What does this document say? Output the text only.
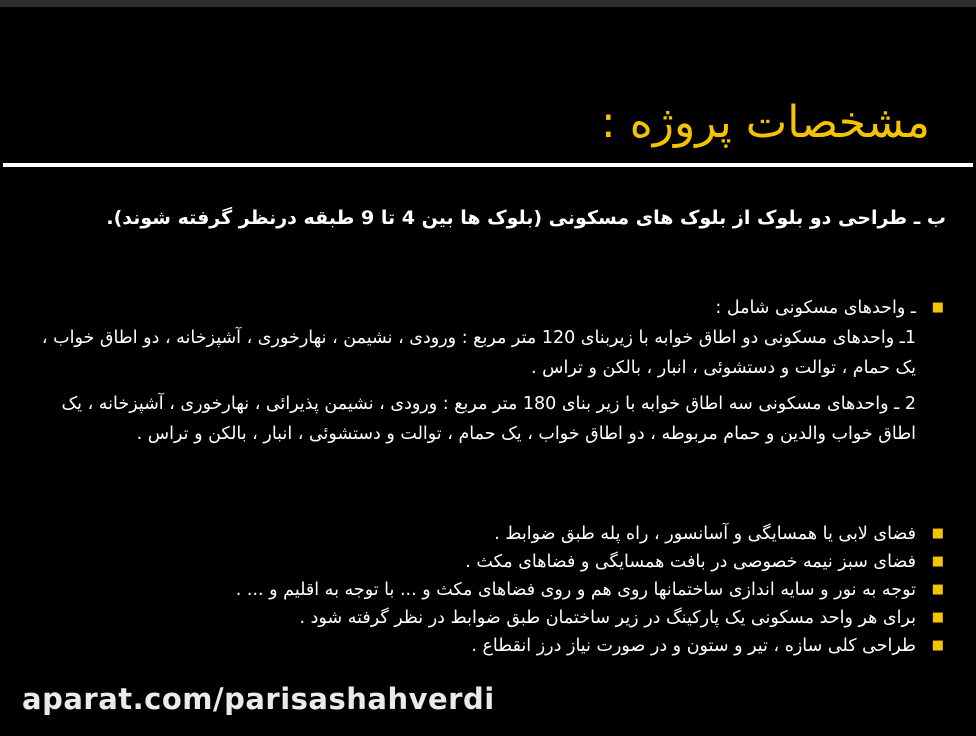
مشخصات پروژه :
ب ـ طراحی دو بلوک از بلوک های مسکونی (بلوک ها بین 4 تا 9 طبقه درنظر گرفته شوند).
■

ـ واحدهای مسکونی شامل :

1ـ واحدهای مسکونی دو اطاق خوابه با زیربنای 120 متر مربع : ورودی ، نشیمن ، نهارخوری ، آشپزخانه ، دو اطاق خواب ، یک حمام ، توالت و دستشوئی ، انبار ، بالکن و تراس .

2 ـ واحدهای مسکونی سه اطاق خوابه با زیر بنای 180 متر مربع : ورودی ، نشیمن پذیرائی ، نهارخوری ، آشپزخانه ، یک اطاق خواب والدین و حمام مربوطه ، دو اطاق خواب ، یک حمام ، توالت و دستشوئی ، انبار ، بالکن و تراس .

■

فضای لابی یا همسایگی و آسانسور ، راه پله طبق ضوابط .

■

فضای سبز نیمه خصوصی در بافت همسایگی و فضاهای مکث .

■

توجه به نور و سایه اندازی ساختمانها روی هم و روی فضاهای مکث و ... با توجه به اقلیم و ... .

■

برای هر واحد مسکونی یک پارکینگ در زیر ساختمان طبق ضوابط در نظر گرفته شود .

■

طراحی کلی سازه ، تیر و ستون و در صورت نیاز درز انقطاع .

aparat.com/parisashahverdi
